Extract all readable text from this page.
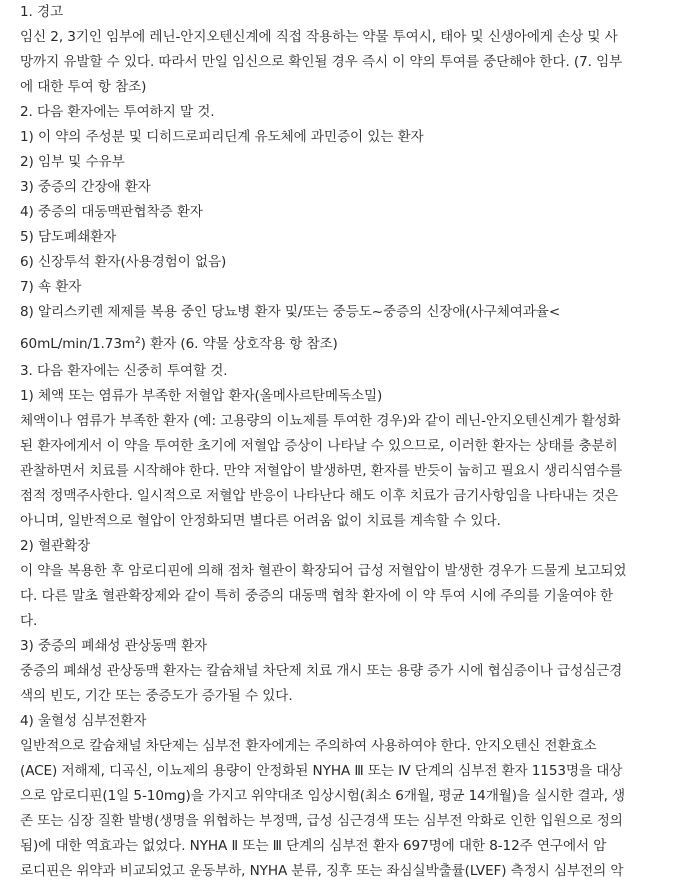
1. 경고
임신 2, 3기인 임부에 레닌-안지오텐신계에 직접 작용하는 약물 투여시, 태아 및 신생아에게 손상 및 사
망까지 유발할 수 있다. 따라서 만일 임신으로 확인될 경우 즉시 이 약의 투여를 중단해야 한다. (7. 임부
에 대한 투여 항 참조)
2. 다음 환자에는 투여하지 말 것.
1) 이 약의 주성분 및 디히드로피리딘계 유도체에 과민증이 있는 환자
2) 임부 및 수유부
3) 중증의 간장애 환자
4) 중증의 대동맥판협착증 환자
5) 담도폐쇄환자
6) 신장투석 환자(사용경험이 없음)
7) 쇽 환자
8) 알리스키렌 제제를 복용 중인 당뇨병 환자 및/또는 중등도~중증의 신장애(사구체여과율<
$60mL/\min/1.73m^2$) 환자 (6. 약물 상호작용 항 참조)
3. 다음 환자에는 신중히 투여할 것.
1) 체액 또는 염류가 부족한 저혈압 환자(올메사르탄메독소밀)
체액이나 염류가 부족한 환자 (예: 고용량의 이뇨제를 투여한 경우)와 같이 레닌-안지오텐신계가 활성화
된 환자에게서 이 약을 투여한 초기에 저혈압 증상이 나타날 수 있으므로, 이러한 환자는 상태를 충분히
관찰하면서 치료를 시작해야 한다. 만약 저혈압이 발생하면, 환자를 반듯이 눕히고 필요시 생리식염수를
점적 정맥주사한다. 일시적으로 저혈압 반응이 나타난다 해도 이후 치료가 금기사항임을 나타내는 것은
아니며, 일반적으로 혈압이 안정화되면 별다른 어려움 없이 치료를 계속할 수 있다.
2) 혈관확장
이 약을 복용한 후 암로디핀에 의해 점차 혈관이 확장되어 급성 저혈압이 발생한 경우가 드물게 보고되었
다. 다른 말초 혈관확장제와 같이 특히 중증의 대동맥 협착 환자에 이 약 투여 시에 주의를 기울여야 한
다.
3) 중증의 폐쇄성 관상동맥 환자
중증의 폐쇄성 관상동맥 환자는 칼슘채널 차단제 치료 개시 또는 용량 증가 시에 협심증이나 급성심근경
색의 빈도, 기간 또는 중증도가 증가될 수 있다.
4) 울혈성 심부전환자
일반적으로 칼슘채널 차단제는 심부전 환자에게는 주의하여 사용하여야 한다. 안지오텐신 전환효소
(ACE) 저해제, 디곡신, 이뇨제의 용량이 안정화된 NYHA Ⅲ 또는 Ⅳ 단계의 심부전 환자 1153명을 대상
으로 암로디핀(1일 5-10mg)을 가지고 위약대조 임상시험(최소 6개월, 평균 14개월)을 실시한 결과, 생
존 또는 심장 질환 발병(생명을 위협하는 부정맥, 급성 심근경색 또는 심부전 악화로 인한 입원으로 정의
됨)에 대한 역효과는 없었다. NYHA Ⅱ 또는 Ⅲ 단계의 심부전 환자 697명에 대한 8-12주 연구에서 암
로디핀은 위약과 비교되었고 운동부하, NYHA 분류, 징후 또는 좌심실박출률(LVEF) 측정시 심부전의 악
